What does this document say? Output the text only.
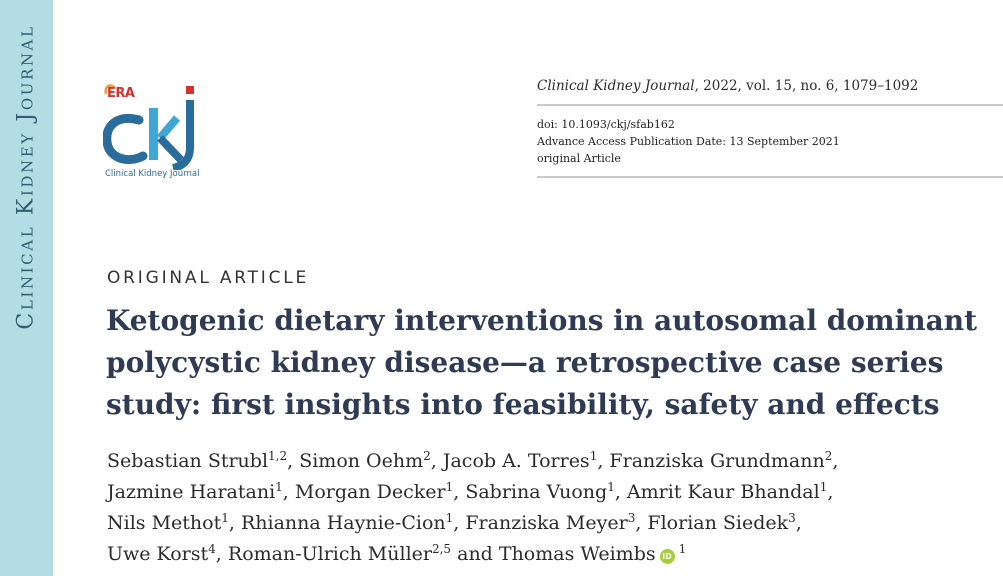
Clinical Kidney Journal	ERA
Clinical Kidney Journal
Clinical Kidney Journal, 2022, vol. 15, no. 6, 1079–1092
doi: 10.1093/ckj/sfab162
Advance Access Publication Date: 13 September 2021
original Article
ORIGINAL ARTICLE
Ketogenic dietary interventions in autosomal dominant
polycystic kidney disease—a retrospective case series
study: first insights into feasibility, safety and effects
Sebastian Strubl$^{1,2}$, Simon Oehm$^2$, Jacob A. Torres$^1$, Franziska Grundmann$^2$,
Jazmine Haratani$^1$, Morgan Decker$^1$, Sabrina Vuong$^1$, Amrit Kaur Bhandal$^1$,
Nils Methot$^1$, Rhianna Haynie-Cion$^1$, Franziska Meyer$^3$, Florian Siedek$^3$,
Uwe Korst$^4$, Roman-Ulrich Müller$^{2,5}$ and Thomas Weimbs $iD^1$
